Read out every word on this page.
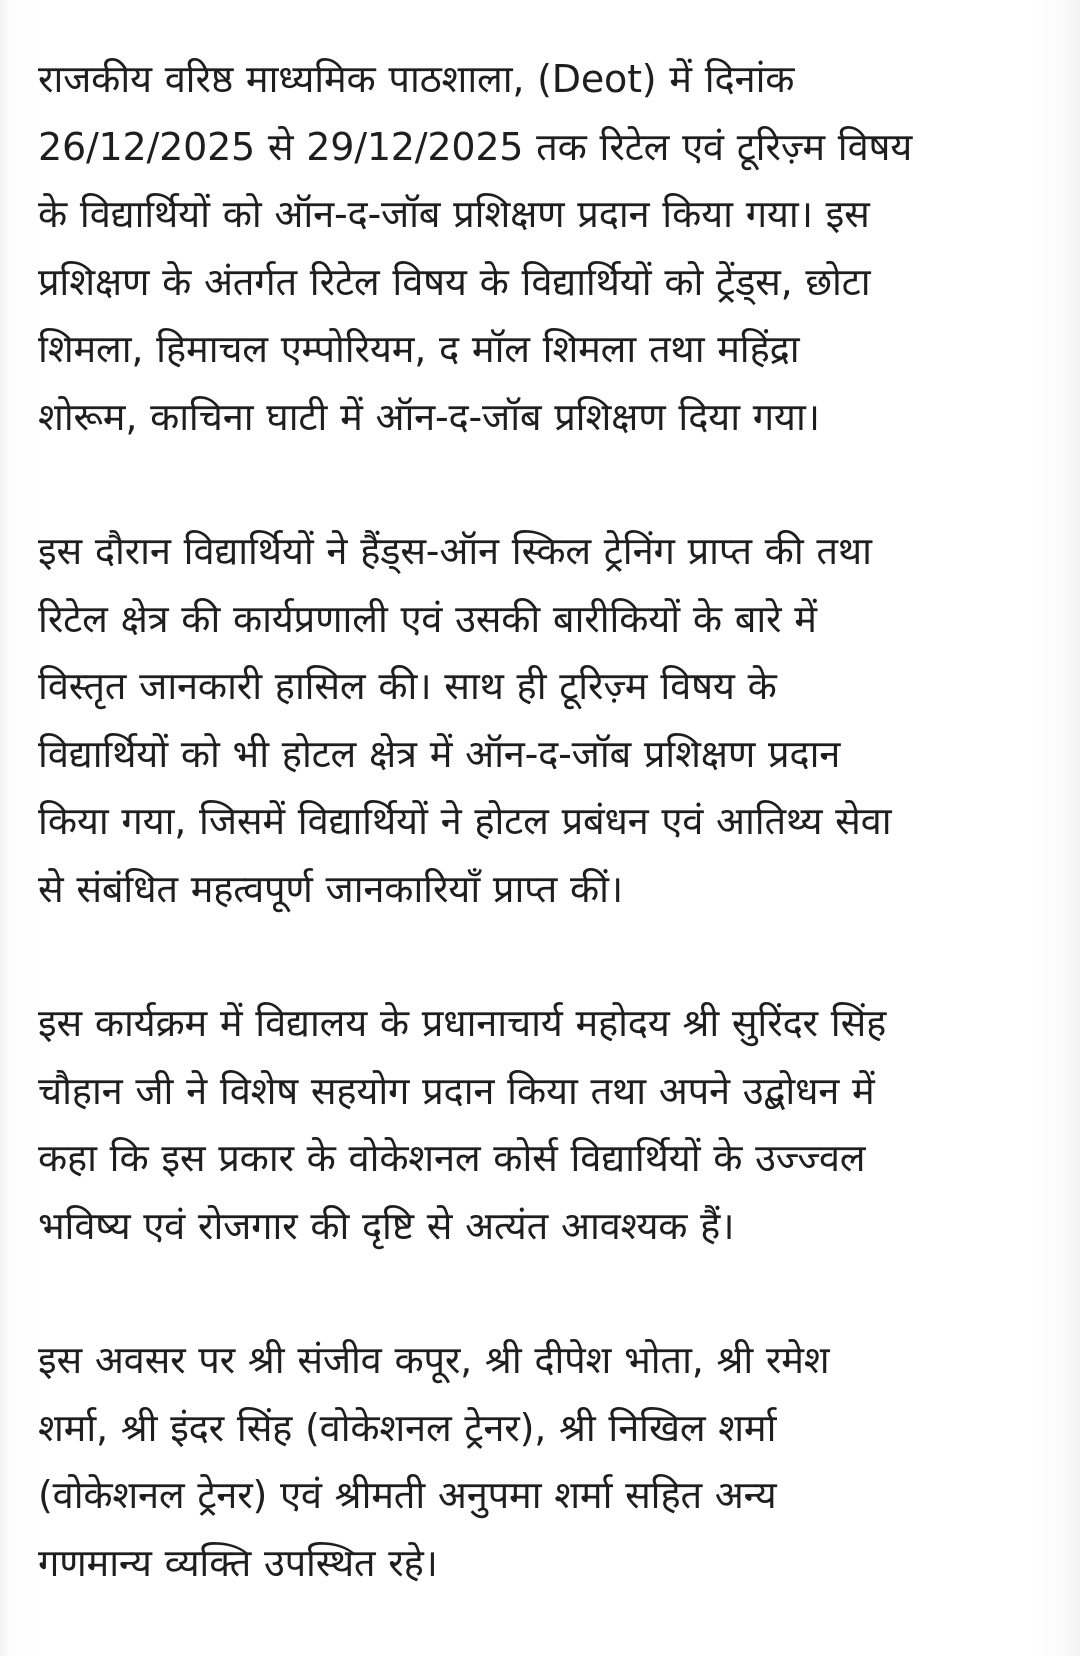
राजकीय वरिष्ठ माध्यमिक पाठशाला, (Deot) में दिनांक
26/12/2025 से 29/12/2025 तक रिटेल एवं टूरिज़्म विषय
के विद्यार्थियों को ऑन-द-जॉब प्रशिक्षण प्रदान किया गया। इस
प्रशिक्षण के अंतर्गत रिटेल विषय के विद्यार्थियों को ट्रेंड्स, छोटा
शिमला, हिमाचल एम्पोरियम, द मॉल शिमला तथा महिंद्रा
शोरूम, काचिना घाटी में ऑन-द-जॉब प्रशिक्षण दिया गया।

इस दौरान विद्यार्थियों ने हैंड्स-ऑन स्किल ट्रेनिंग प्राप्त की तथा
रिटेल क्षेत्र की कार्यप्रणाली एवं उसकी बारीकियों के बारे में
विस्तृत जानकारी हासिल की। साथ ही टूरिज़्म विषय के
विद्यार्थियों को भी होटल क्षेत्र में ऑन-द-जॉब प्रशिक्षण प्रदान
किया गया, जिसमें विद्यार्थियों ने होटल प्रबंधन एवं आतिथ्य सेवा
से संबंधित महत्वपूर्ण जानकारियाँ प्राप्त कीं।

इस कार्यक्रम में विद्यालय के प्रधानाचार्य महोदय श्री सुरिंदर सिंह
चौहान जी ने विशेष सहयोग प्रदान किया तथा अपने उद्बोधन में
कहा कि इस प्रकार के वोकेशनल कोर्स विद्यार्थियों के उज्ज्वल
भविष्य एवं रोजगार की दृष्टि से अत्यंत आवश्यक हैं।

इस अवसर पर श्री संजीव कपूर, श्री दीपेश भोता, श्री रमेश
शर्मा, श्री इंदर सिंह (वोकेशनल ट्रेनर), श्री निखिल शर्मा
(वोकेशनल ट्रेनर) एवं श्रीमती अनुपमा शर्मा सहित अन्य
गणमान्य व्यक्ति उपस्थित रहे।
